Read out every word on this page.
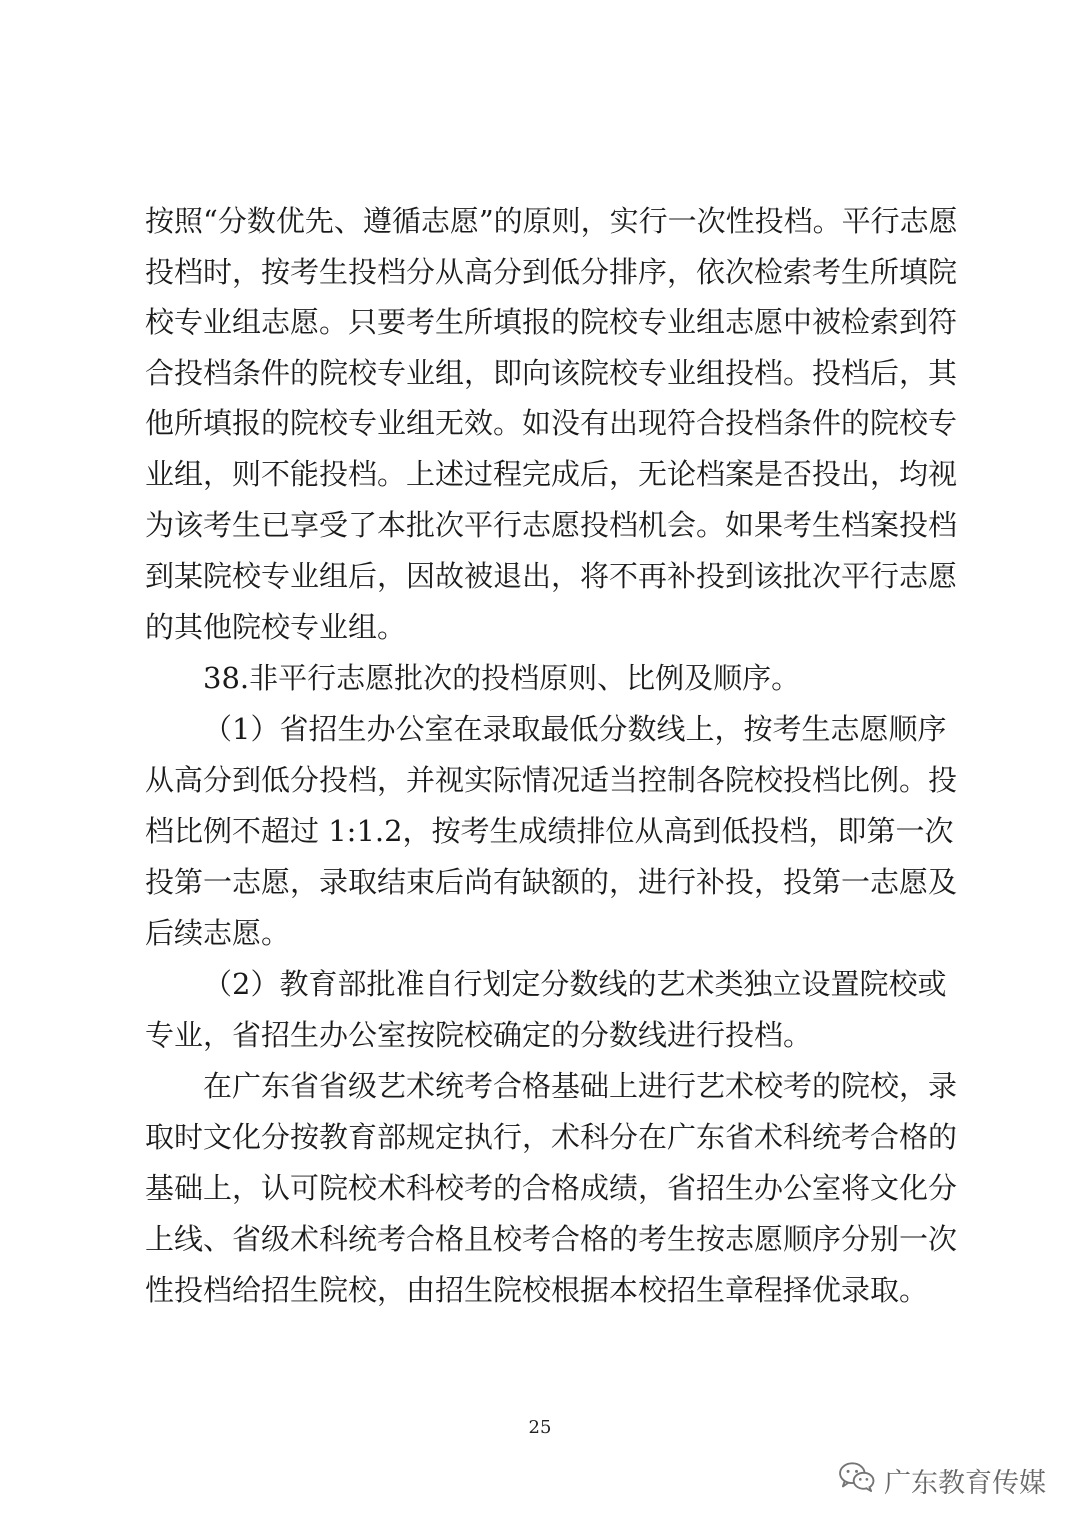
按照“分数优先、遵循志愿”的原则，实行一次性投档。平行志愿
投档时，按考生投档分从高分到低分排序，依次检索考生所填院
校专业组志愿。只要考生所填报的院校专业组志愿中被检索到符
合投档条件的院校专业组，即向该院校专业组投档。投档后，其
他所填报的院校专业组无效。如没有出现符合投档条件的院校专
业组，则不能投档。上述过程完成后，无论档案是否投出，均视
为该考生已享受了本批次平行志愿投档机会。如果考生档案投档
到某院校专业组后，因故被退出，将不再补投到该批次平行志愿
的其他院校专业组。
38.非平行志愿批次的投档原则、比例及顺序。
（1）省招生办公室在录取最低分数线上，按考生志愿顺序
从高分到低分投档，并视实际情况适当控制各院校投档比例。投
档比例不超过 1:1.2，按考生成绩排位从高到低投档，即第一次
投第一志愿，录取结束后尚有缺额的，进行补投，投第一志愿及
后续志愿。
（2）教育部批准自行划定分数线的艺术类独立设置院校或
专业，省招生办公室按院校确定的分数线进行投档。
在广东省省级艺术统考合格基础上进行艺术校考的院校，录
取时文化分按教育部规定执行，术科分在广东省术科统考合格的
基础上，认可院校术科校考的合格成绩，省招生办公室将文化分
上线、省级术科统考合格且校考合格的考生按志愿顺序分别一次
性投档给招生院校，由招生院校根据本校招生章程择优录取。
25
广东教育传媒
